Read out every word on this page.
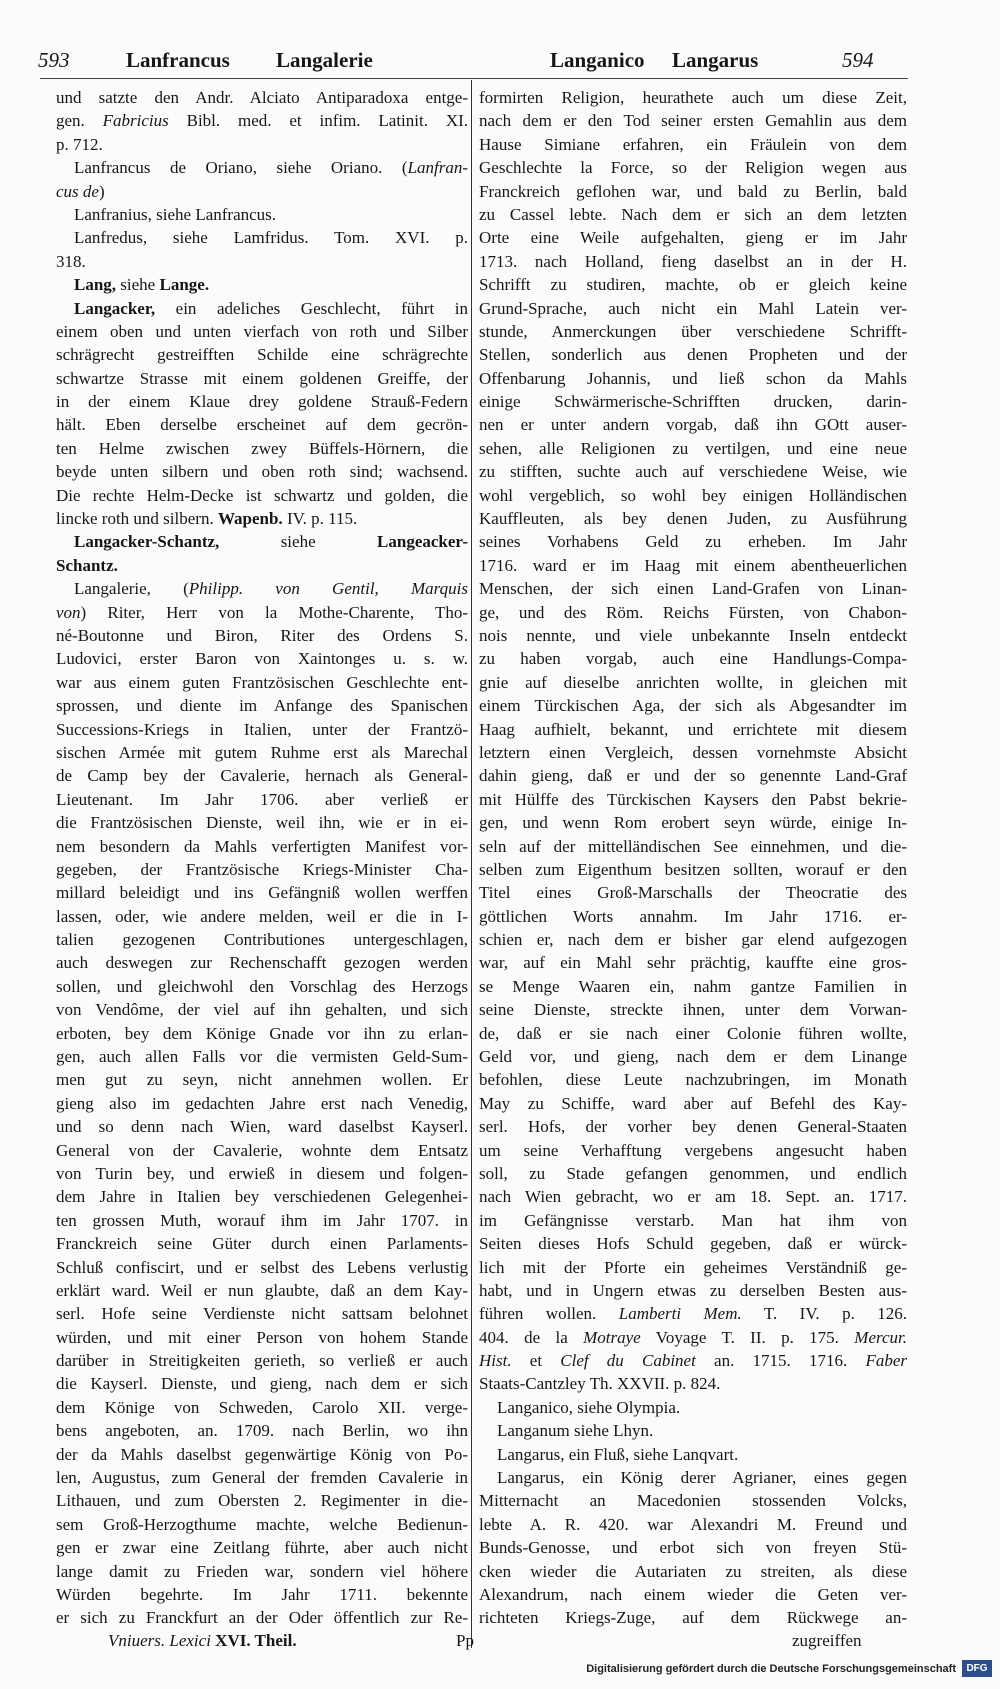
593	Lanfrancus Langalerie	Langanico Langarus	594
und satzte den Andr. Alciato Antiparadoxa entge-
gen. Fabricius Bibl. med. et infim. Latinit. XI.
p. 712.
Lanfrancus de Oriano, siehe Oriano. (Lanfran-
cus de)
Lanfranius, siehe Lanfrancus.
Lanfredus, siehe Lamfridus. Tom. XVI. p.
318.
Lang, siehe Lange.
Langacker, ein adeliches Geschlecht, führt in
einem oben und unten vierfach von roth und Silber
schrägrecht gestreifften Schilde eine schrägrechte
schwartze Strasse mit einem goldenen Greiffe, der
in der einem Klaue drey goldene Strauß-Federn
hält. Eben derselbe erscheinet auf dem gecrön-
ten Helme zwischen zwey Büffels-Hörnern, die
beyde unten silbern und oben roth sind; wachsend.
Die rechte Helm-Decke ist schwartz und golden, die
lincke roth und silbern. Wapenb. IV. p. 115.
Langacker-Schantz, siehe Langeacker-
Schantz.
Langalerie, (Philipp. von Gentil, Marquis
von) Riter, Herr von la Mothe-Charente, Tho-
né-Boutonne und Biron, Riter des Ordens S.
Ludovici, erster Baron von Xaintonges u. s. w.
war aus einem guten Frantzösischen Geschlechte ent-
sprossen, und diente im Anfange des Spanischen
Successions-Kriegs in Italien, unter der Frantzö-
sischen Armée mit gutem Ruhme erst als Marechal
de Camp bey der Cavalerie, hernach als General-
Lieutenant. Im Jahr 1706. aber verließ er
die Frantzösischen Dienste, weil ihn, wie er in ei-
nem besondern da Mahls verfertigten Manifest vor-
gegeben, der Frantzösische Kriegs-Minister Cha-
millard beleidigt und ins Gefängniß wollen werffen
lassen, oder, wie andere melden, weil er die in I-
talien gezogenen Contributiones untergeschlagen,
auch deswegen zur Rechenschafft gezogen werden
sollen, und gleichwohl den Vorschlag des Herzogs
von Vendôme, der viel auf ihn gehalten, und sich
erboten, bey dem Könige Gnade vor ihn zu erlan-
gen, auch allen Falls vor die vermisten Geld-Sum-
men gut zu seyn, nicht annehmen wollen. Er
gieng also im gedachten Jahre erst nach Venedig,
und so denn nach Wien, ward daselbst Kayserl.
General von der Cavalerie, wohnte dem Entsatz
von Turin bey, und erwieß in diesem und folgen-
dem Jahre in Italien bey verschiedenen Gelegenhei-
ten grossen Muth, worauf ihm im Jahr 1707. in
Franckreich seine Güter durch einen Parlaments-
Schluß confiscirt, und er selbst des Lebens verlustig
erklärt ward. Weil er nun glaubte, daß an dem Kay-
serl. Hofe seine Verdienste nicht sattsam belohnet
würden, und mit einer Person von hohem Stande
darüber in Streitigkeiten gerieth, so verließ er auch
die Kayserl. Dienste, und gieng, nach dem er sich
dem Könige von Schweden, Carolo XII. verge-
bens angeboten, an. 1709. nach Berlin, wo ihn
der da Mahls daselbst gegenwärtige König von Po-
len, Augustus, zum General der fremden Cavalerie in
Lithauen, und zum Obersten 2. Regimenter in die-
sem Groß-Herzogthume machte, welche Bedienun-
gen er zwar eine Zeitlang führte, aber auch nicht
lange damit zu Frieden war, sondern viel höhere
Würden begehrte. Im Jahr 1711. bekennte
er sich zu Franckfurt an der Oder öffentlich zur Re-
formirten Religion, heurathete auch um diese Zeit,
nach dem er den Tod seiner ersten Gemahlin aus dem
Hause Simiane erfahren, ein Fräulein von dem
Geschlechte la Force, so der Religion wegen aus
Franckreich geflohen war, und bald zu Berlin, bald
zu Cassel lebte. Nach dem er sich an dem letzten
Orte eine Weile aufgehalten, gieng er im Jahr
1713. nach Holland, fieng daselbst an in der H.
Schrifft zu studiren, machte, ob er gleich keine
Grund-Sprache, auch nicht ein Mahl Latein ver-
stunde, Anmerckungen über verschiedene Schrifft-
Stellen, sonderlich aus denen Propheten und der
Offenbarung Johannis, und ließ schon da Mahls
einige Schwärmerische-Schrifften drucken, darin-
nen er unter andern vorgab, daß ihn GOtt auser-
sehen, alle Religionen zu vertilgen, und eine neue
zu stifften, suchte auch auf verschiedene Weise, wie
wohl vergeblich, so wohl bey einigen Holländischen
Kauffleuten, als bey denen Juden, zu Ausführung
seines Vorhabens Geld zu erheben. Im Jahr
1716. ward er im Haag mit einem abentheuerlichen
Menschen, der sich einen Land-Grafen von Linan-
ge, und des Röm. Reichs Fürsten, von Chabon-
nois nennte, und viele unbekannte Inseln entdeckt
zu haben vorgab, auch eine Handlungs-Compa-
gnie auf dieselbe anrichten wollte, in gleichen mit
einem Türckischen Aga, der sich als Abgesandter im
Haag aufhielt, bekannt, und errichtete mit diesem
letztern einen Vergleich, dessen vornehmste Absicht
dahin gieng, daß er und der so genennte Land-Graf
mit Hülffe des Türckischen Kaysers den Pabst bekrie-
gen, und wenn Rom erobert seyn würde, einige In-
seln auf der mittelländischen See einnehmen, und die-
selben zum Eigenthum besitzen sollten, worauf er den
Titel eines Groß-Marschalls der Theocratie des
göttlichen Worts annahm. Im Jahr 1716. er-
schien er, nach dem er bisher gar elend aufgezogen
war, auf ein Mahl sehr prächtig, kauffte eine gros-
se Menge Waaren ein, nahm gantze Familien in
seine Dienste, streckte ihnen, unter dem Vorwan-
de, daß er sie nach einer Colonie führen wollte,
Geld vor, und gieng, nach dem er dem Linange
befohlen, diese Leute nachzubringen, im Monath
May zu Schiffe, ward aber auf Befehl des Kay-
serl. Hofs, der vorher bey denen General-Staaten
um seine Verhafftung vergebens angesucht haben
soll, zu Stade gefangen genommen, und endlich
nach Wien gebracht, wo er am 18. Sept. an. 1717.
im Gefängnisse verstarb. Man hat ihm von
Seiten dieses Hofs Schuld gegeben, daß er würck-
lich mit der Pforte ein geheimes Verständniß ge-
habt, und in Ungern etwas zu derselben Besten aus-
führen wollen. Lamberti Mem. T. IV. p. 126.
404. de la Motraye Voyage T. II. p. 175. Mercur.
Hist. et Clef du Cabinet an. 1715. 1716. Faber
Staats-Cantzley Th. XXVII. p. 824.
Langanico, siehe Olympia.
Langanum siehe Lhyn.
Langarus, ein Fluß, siehe Lanqvart.
Langarus, ein König derer Agrianer, eines gegen
Mitternacht an Macedonien stossenden Volcks,
lebte A. R. 420. war Alexandri M. Freund und
Bunds-Genosse, und erbot sich von freyen Stü-
cken wieder die Autariaten zu streiten, als diese
Alexandrum, nach einem wieder die Geten ver-
richteten Kriegs-Zuge, auf dem Rückwege an-
Vniuers. Lexici XVI. Theil.	Pp	zugreiffen
Digitalisierung gefördert durch die Deutsche Forschungsgemeinschaft	DFG
